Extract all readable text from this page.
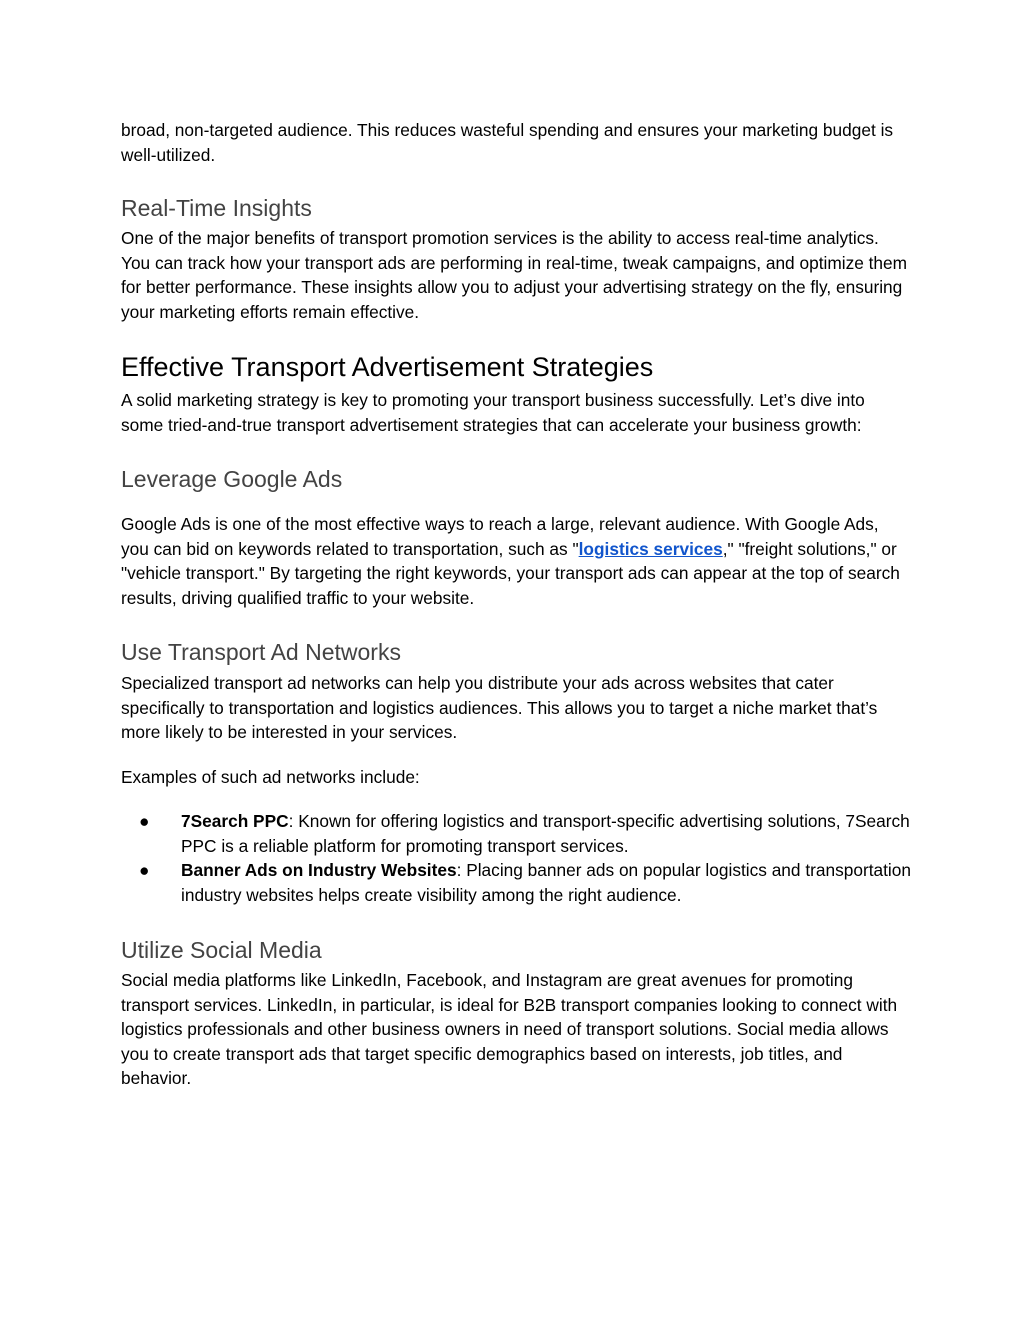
broad, non-targeted audience. This reduces wasteful spending and ensures your marketing budget is well-utilized.

Real-Time Insights

One of the major benefits of transport promotion services is the ability to access real-time analytics. You can track how your transport ads are performing in real-time, tweak campaigns, and optimize them for better performance. These insights allow you to adjust your advertising strategy on the fly, ensuring your marketing efforts remain effective.

Effective Transport Advertisement Strategies

A solid marketing strategy is key to promoting your transport business successfully. Let’s dive into some tried-and-true transport advertisement strategies that can accelerate your business growth:

Leverage Google Ads

Google Ads is one of the most effective ways to reach a large, relevant audience. With Google Ads, you can bid on keywords related to transportation, such as "logistics services," "freight solutions," or "vehicle transport." By targeting the right keywords, your transport ads can appear at the top of search results, driving qualified traffic to your website.

Use Transport Ad Networks

Specialized transport ad networks can help you distribute your ads across websites that cater specifically to transportation and logistics audiences. This allows you to target a niche market that’s more likely to be interested in your services.

Examples of such ad networks include:

● 7Search PPC: Known for offering logistics and transport-specific advertising solutions, 7Search PPC is a reliable platform for promoting transport services.
● Banner Ads on Industry Websites: Placing banner ads on popular logistics and transportation industry websites helps create visibility among the right audience.
Utilize Social Media

Social media platforms like LinkedIn, Facebook, and Instagram are great avenues for promoting transport services. LinkedIn, in particular, is ideal for B2B transport companies looking to connect with logistics professionals and other business owners in need of transport solutions. Social media allows you to create transport ads that target specific demographics based on interests, job titles, and behavior.
